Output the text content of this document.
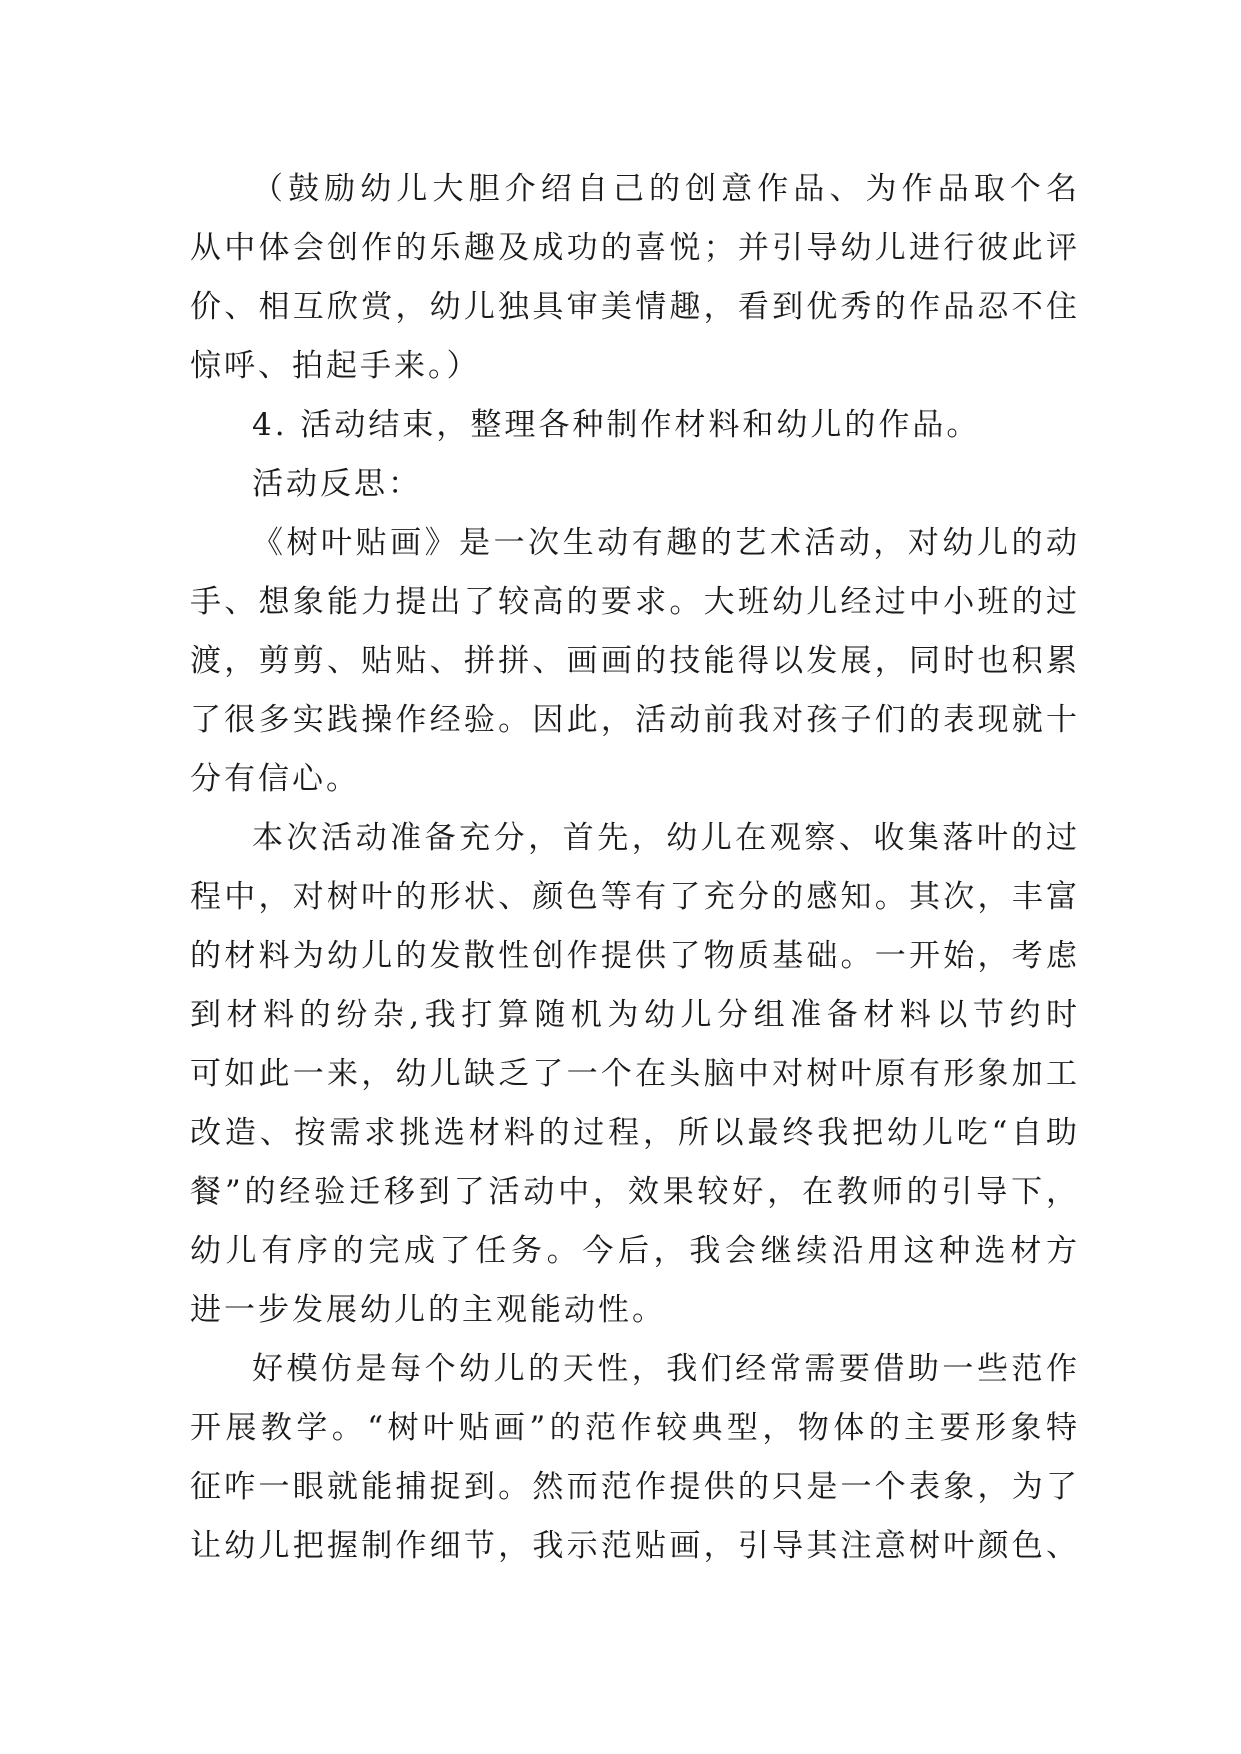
（鼓励幼儿大胆介绍自己的创意作品、为作品取个名
从中体会创作的乐趣及成功的喜悦；并引导幼儿进行彼此评
价、相互欣赏，幼儿独具审美情趣，看到优秀的作品忍不住
惊呼、拍起手来。）
4. 活动结束，整理各种制作材料和幼儿的作品。
活动反思：
《树叶贴画》是一次生动有趣的艺术活动，对幼儿的动
手、想象能力提出了较高的要求。大班幼儿经过中小班的过
渡，剪剪、贴贴、拼拼、画画的技能得以发展，同时也积累
了很多实践操作经验。因此，活动前我对孩子们的表现就十
分有信心。
本次活动准备充分，首先，幼儿在观察、收集落叶的过
程中，对树叶的形状、颜色等有了充分的感知。其次，丰富
的材料为幼儿的发散性创作提供了物质基础。一开始，考虑
到材料的纷杂,我打算随机为幼儿分组准备材料以节约时
可如此一来，幼儿缺乏了一个在头脑中对树叶原有形象加工
改造、按需求挑选材料的过程，所以最终我把幼儿吃“自助
餐”的经验迁移到了活动中，效果较好，在教师的引导下，
幼儿有序的完成了任务。今后，我会继续沿用这种选材方
进一步发展幼儿的主观能动性。
好模仿是每个幼儿的天性，我们经常需要借助一些范作
开展教学。“树叶贴画”的范作较典型，物体的主要形象特
征咋一眼就能捕捉到。然而范作提供的只是一个表象，为了
让幼儿把握制作细节，我示范贴画，引导其注意树叶颜色、
